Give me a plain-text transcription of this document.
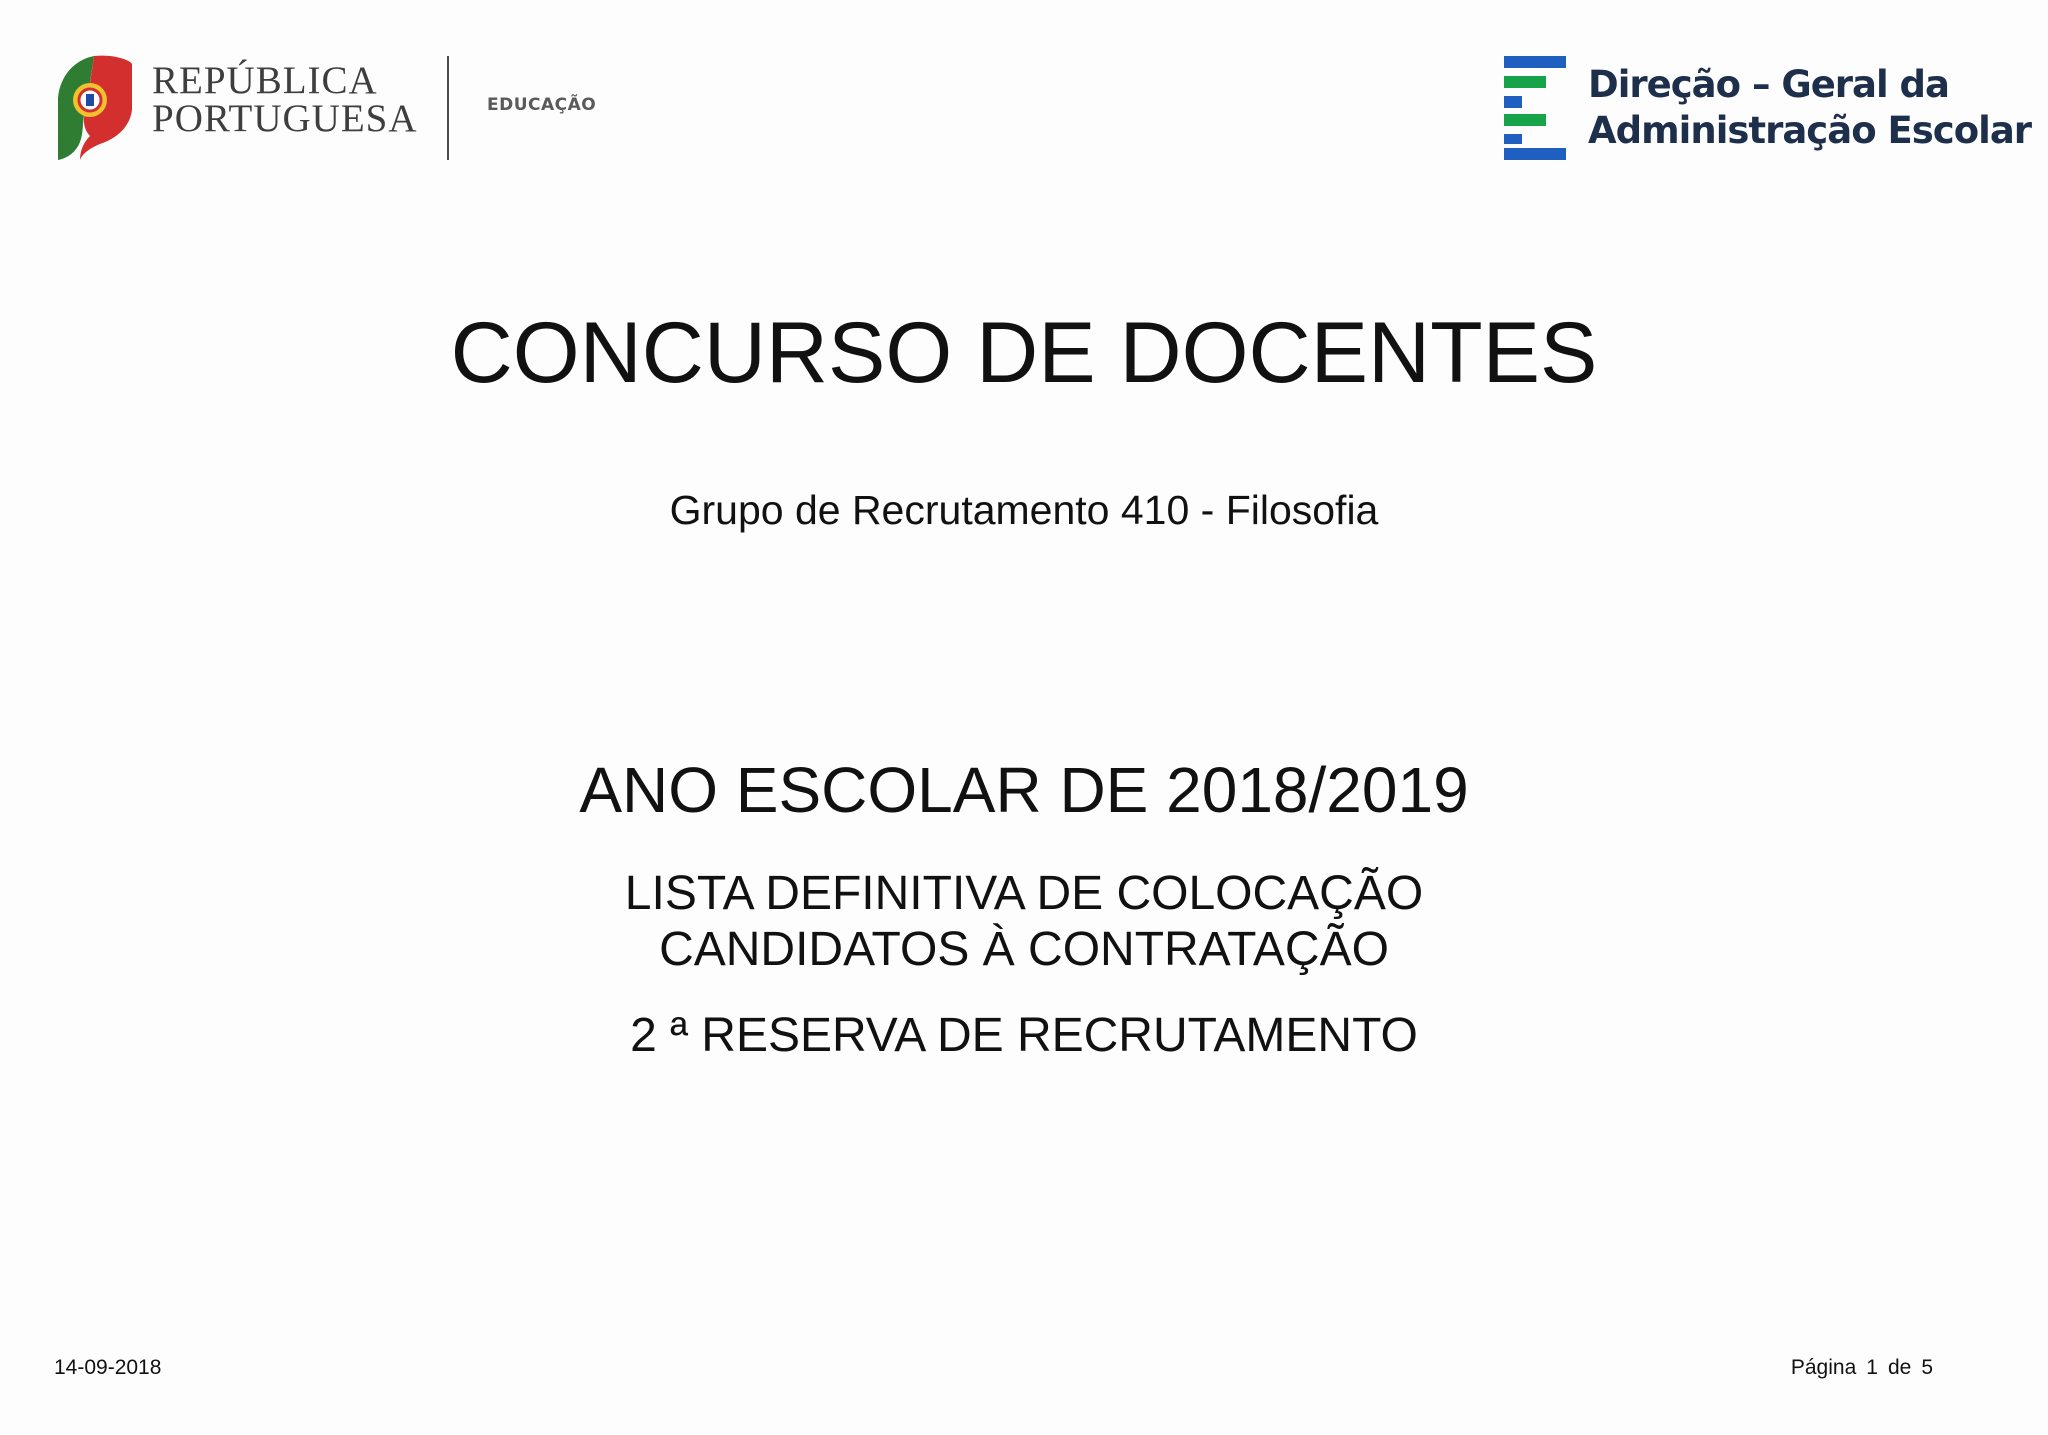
REPÚBLICA
PORTUGUESA	EDUCAÇÃO	Direção – Geral da
Administração Escolar
CONCURSO DE DOCENTES
Grupo de Recrutamento 410 - Filosofia
ANO ESCOLAR DE 2018/2019
LISTA DEFINITIVA DE COLOCAÇÃO
CANDIDATOS À CONTRATAÇÃO
2 ª RESERVA DE RECRUTAMENTO
14-09-2018	Página 1 de 5
